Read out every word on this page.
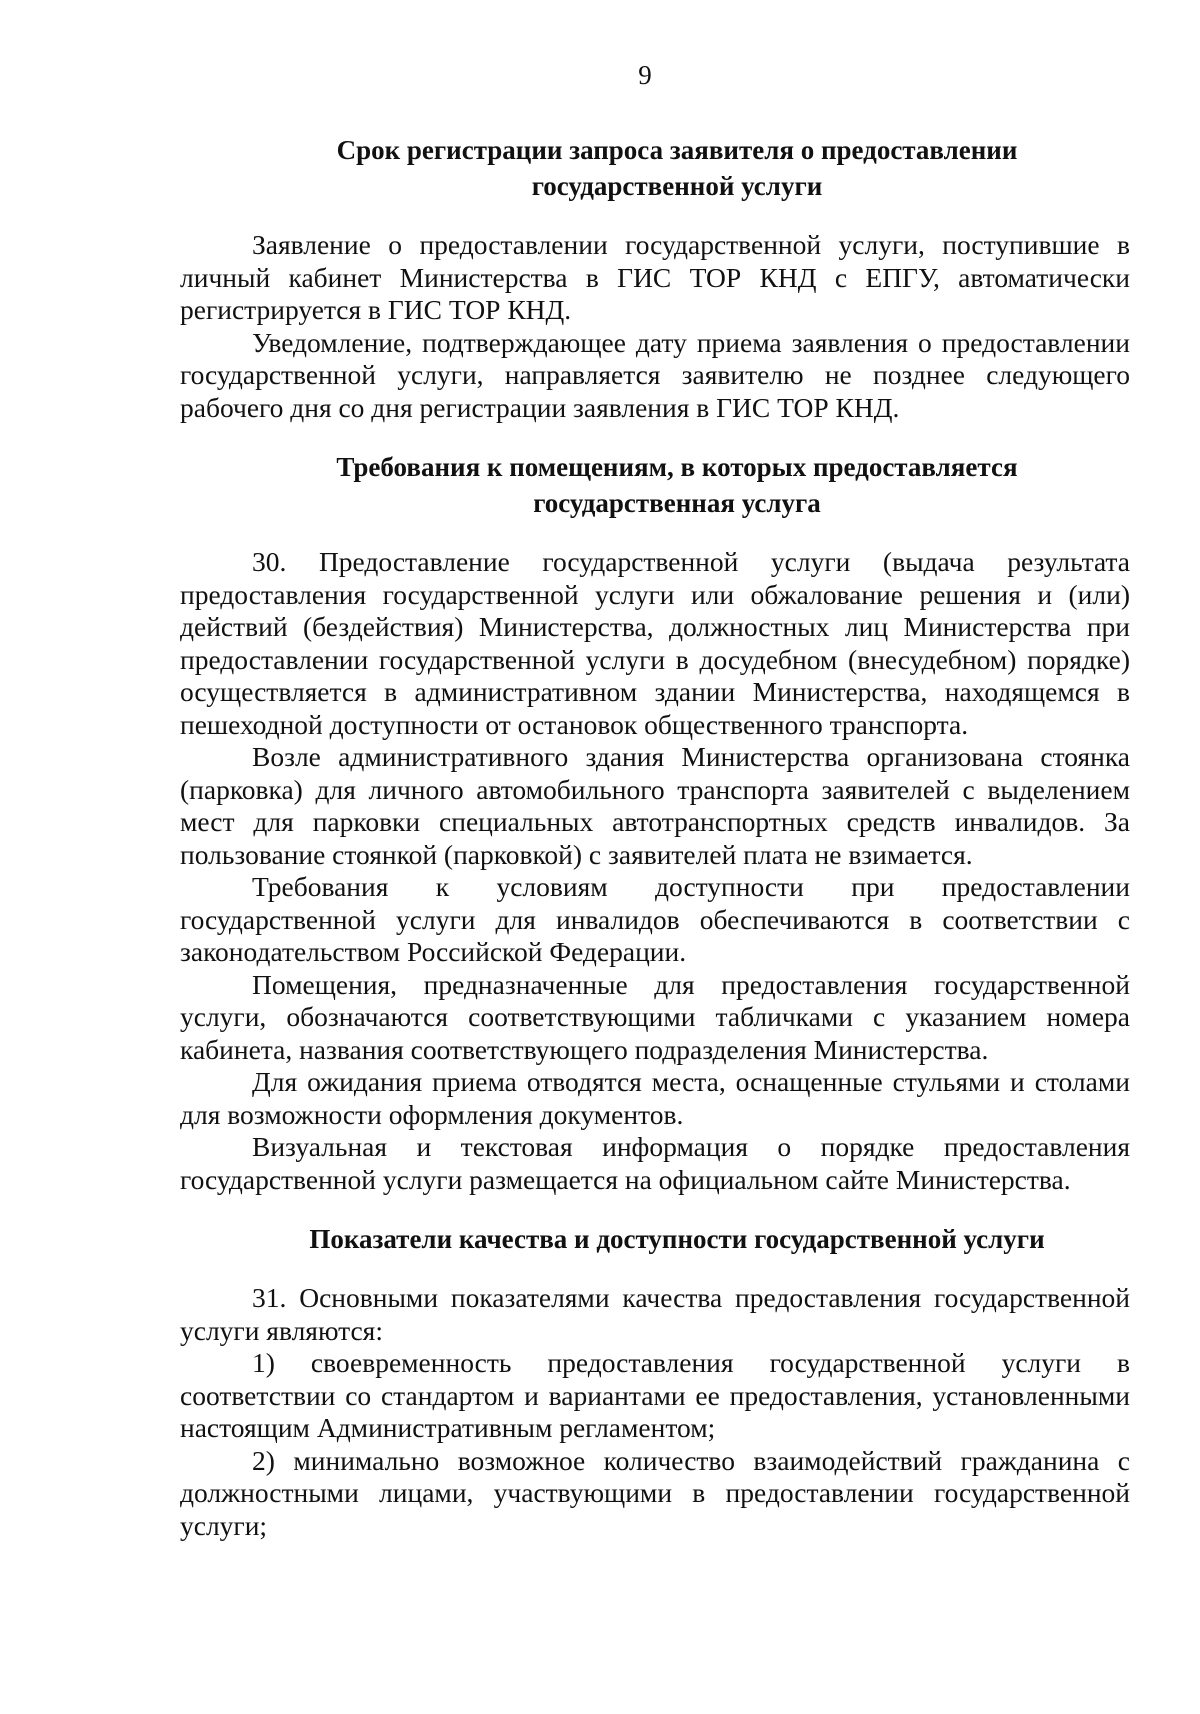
9

Срок регистрации запроса заявителя о предоставлении
государственной услуги

Заявление о предоставлении государственной услуги, поступившие в личный кабинет Министерства в ГИС ТОР КНД с ЕПГУ, автоматически регистрируется в ГИС ТОР КНД.

Уведомление, подтверждающее дату приема заявления о предоставлении государственной услуги, направляется заявителю не позднее следующего рабочего дня со дня регистрации заявления в ГИС ТОР КНД.

Требования к помещениям, в которых предоставляется
государственная услуга

30. Предоставление государственной услуги (выдача результата предоставления государственной услуги или обжалование решения и (или) действий (бездействия) Министерства, должностных лиц Министерства при предоставлении государственной услуги в досудебном (внесудебном) порядке) осуществляется в административном здании Министерства, находящемся в пешеходной доступности от остановок общественного транспорта.

Возле административного здания Министерства организована стоянка (парковка) для личного автомобильного транспорта заявителей с выделением мест для парковки специальных автотранспортных средств инвалидов. За пользование стоянкой (парковкой) с заявителей плата не взимается.

Требования к условиям доступности при предоставлении государственной услуги для инвалидов обеспечиваются в соответствии с законодательством Российской Федерации.

Помещения, предназначенные для предоставления государственной услуги, обозначаются соответствующими табличками с указанием номера кабинета, названия соответствующего подразделения Министерства.

Для ожидания приема отводятся места, оснащенные стульями и столами для возможности оформления документов.

Визуальная и текстовая информация о порядке предоставления государственной услуги размещается на официальном сайте Министерства.

Показатели качества и доступности государственной услуги

31. Основными показателями качества предоставления государственной услуги являются:

1) своевременность предоставления государственной услуги в соответствии со стандартом и вариантами ее предоставления, установленными настоящим Административным регламентом;

2) минимально возможное количество взаимодействий гражданина с должностными лицами, участвующими в предоставлении государственной услуги;
